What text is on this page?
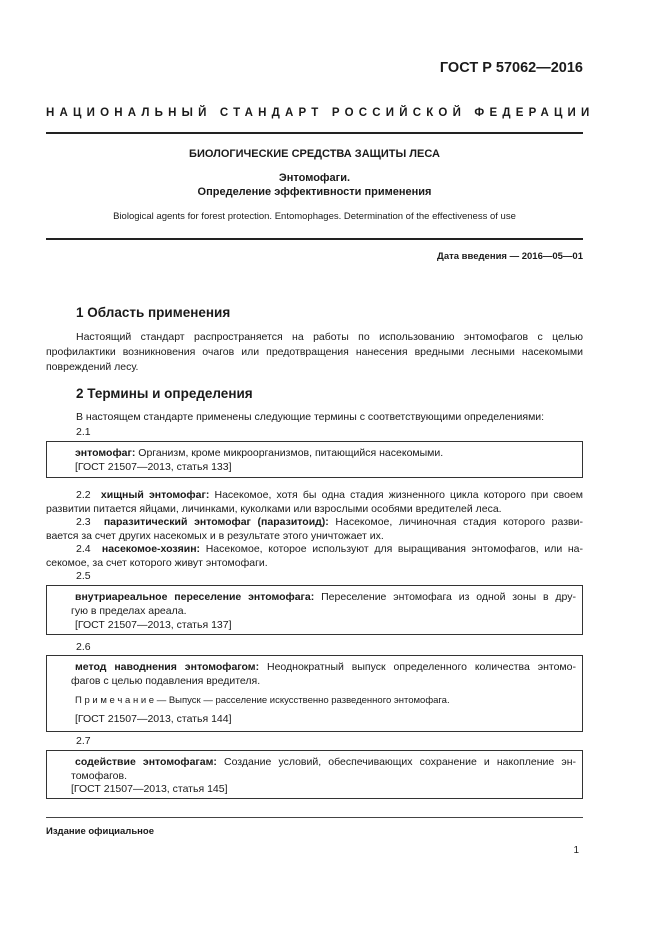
ГОСТ Р 57062—2016
НАЦИОНАЛЬНЫЙ СТАНДАРТ РОССИЙСКОЙ ФЕДЕРАЦИИ
БИОЛОГИЧЕСКИЕ СРЕДСТВА ЗАЩИТЫ ЛЕСА
Энтомофаги.
Определение эффективности применения
Biological agents for forest protection. Entomophages. Determination of the effectiveness of use
Дата введения — 2016—05—01
1 Область применения
Настоящий стандарт распространяется на работы по использованию энтомофагов с целью
профилактики возникновения очагов или предотвращения нанесения вредными лесными насекомыми
повреждений лесу.
2 Термины и определения
В настоящем стандарте применены следующие термины с соответствующими определениями:
2.1
энтомофаг: Организм, кроме микроорганизмов, питающийся насекомыми.
[ГОСТ 21507—2013, статья 133]
2.2 хищный энтомофаг: Насекомое, хотя бы одна стадия жизненного цикла которого при своем
развитии питается яйцами, личинками, куколками или взрослыми особями вредителей леса.
2.3 паразитический энтомофаг (паразитоид): Насекомое, личиночная стадия которого разви-
вается за счет других насекомых и в результате этого уничтожает их.
2.4 насекомое-хозяин: Насекомое, которое используют для выращивания энтомофагов, или на-
секомое, за счет которого живут энтомофаги.
2.5
внутриареальное переселение энтомофага: Переселение энтомофага из одной зоны в дру-
гую в пределах ареала.
[ГОСТ 21507—2013, статья 137]
2.6
метод наводнения энтомофагом: Неоднократный выпуск определенного количества энтомо-
фагов с целью подавления вредителя.
П р и м е ч а н и е — Выпуск — расселение искусственно разведенного энтомофага.
[ГОСТ 21507—2013, статья 144]
2.7
содействие энтомофагам: Создание условий, обеспечивающих сохранение и накопление эн-
томофагов.
[ГОСТ 21507—2013, статья 145]
Издание официальное
1
